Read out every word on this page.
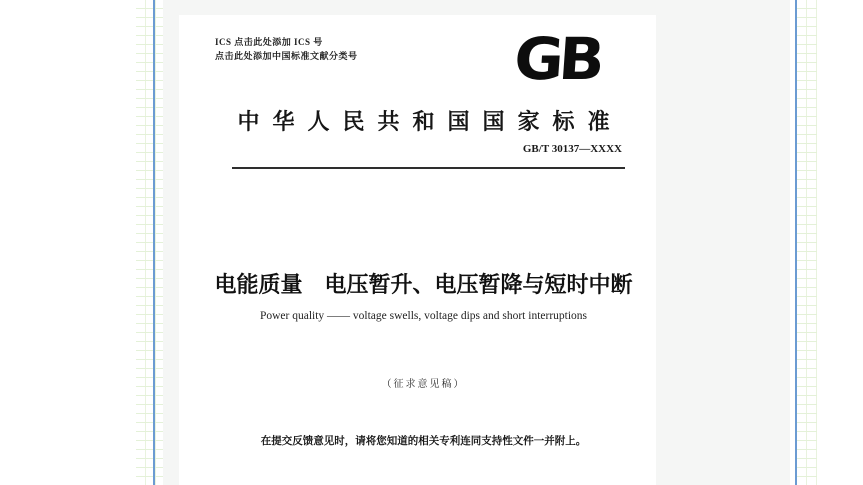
ICS 点击此处添加 ICS 号
点击此处添加中国标准文献分类号	GB
中华人民共和国国家标准
GB/T 30137—XXXX
电能质量　电压暂升、电压暂降与短时中断
Power quality —— voltage swells, voltage dips and short interruptions
（征求意见稿）
在提交反馈意见时，请将您知道的相关专利连同支持性文件一并附上。
